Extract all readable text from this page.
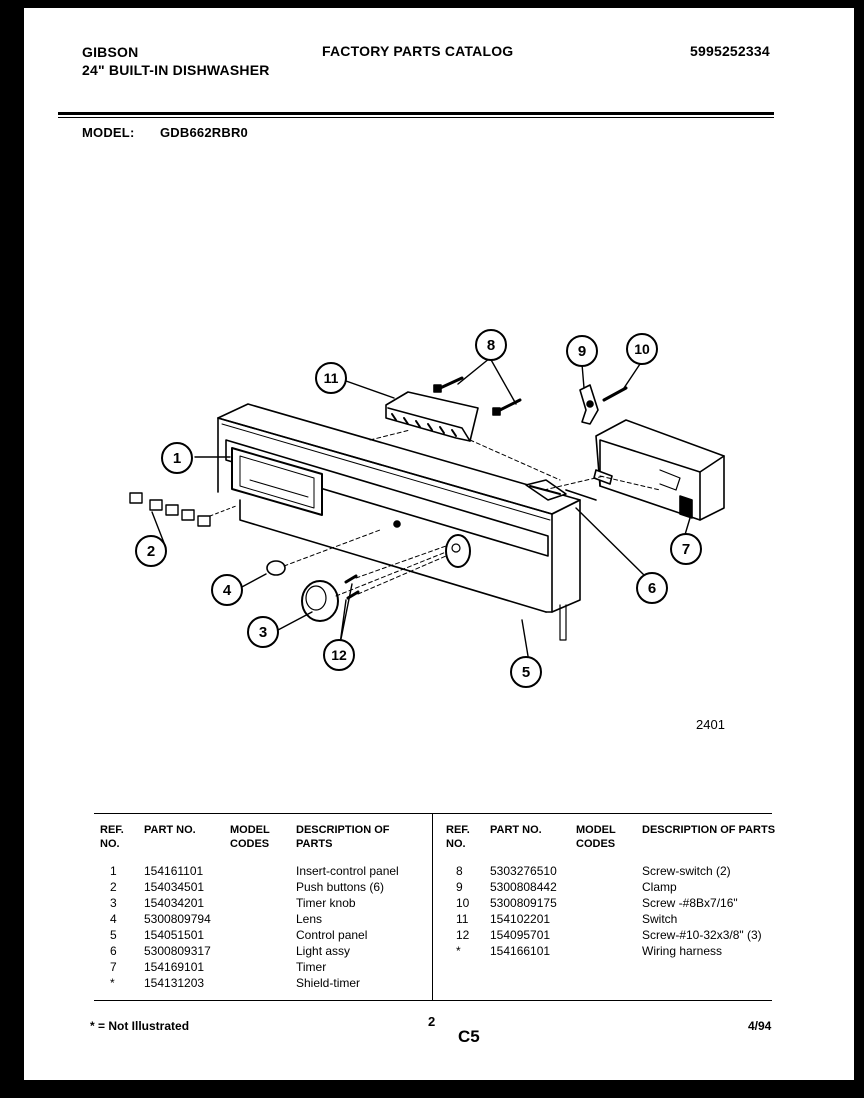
GIBSON
24" BUILT-IN DISHWASHER
FACTORY PARTS CATALOG	5995252334
MODEL: GDB662RBR0
1
2
3
4
5
6
7
8	9	10
11
12
2401
REF. NO.	PART NO.	MODEL CODES	DESCRIPTION OF PARTS
1	154161101		Insert-control panel
2	154034501		Push buttons (6)
3	154034201		Timer knob
4	5300809794		Lens
5	154051501		Control panel
6	5300809317		Light assy
7	154169101		Timer
*	154131203		Shield-timer
REF. NO.	PART NO.	MODEL CODES	DESCRIPTION OF PARTS
8	5303276510		Screw-switch (2)
9	5300808442		Clamp
10	5300809175		Screw -#8Bx7/16"
11	154102201		Switch
12	154095701		Screw-#10-32x3/8" (3)

*	154166101		Wiring harness
* = Not Illustrated	2
C5
4/94
